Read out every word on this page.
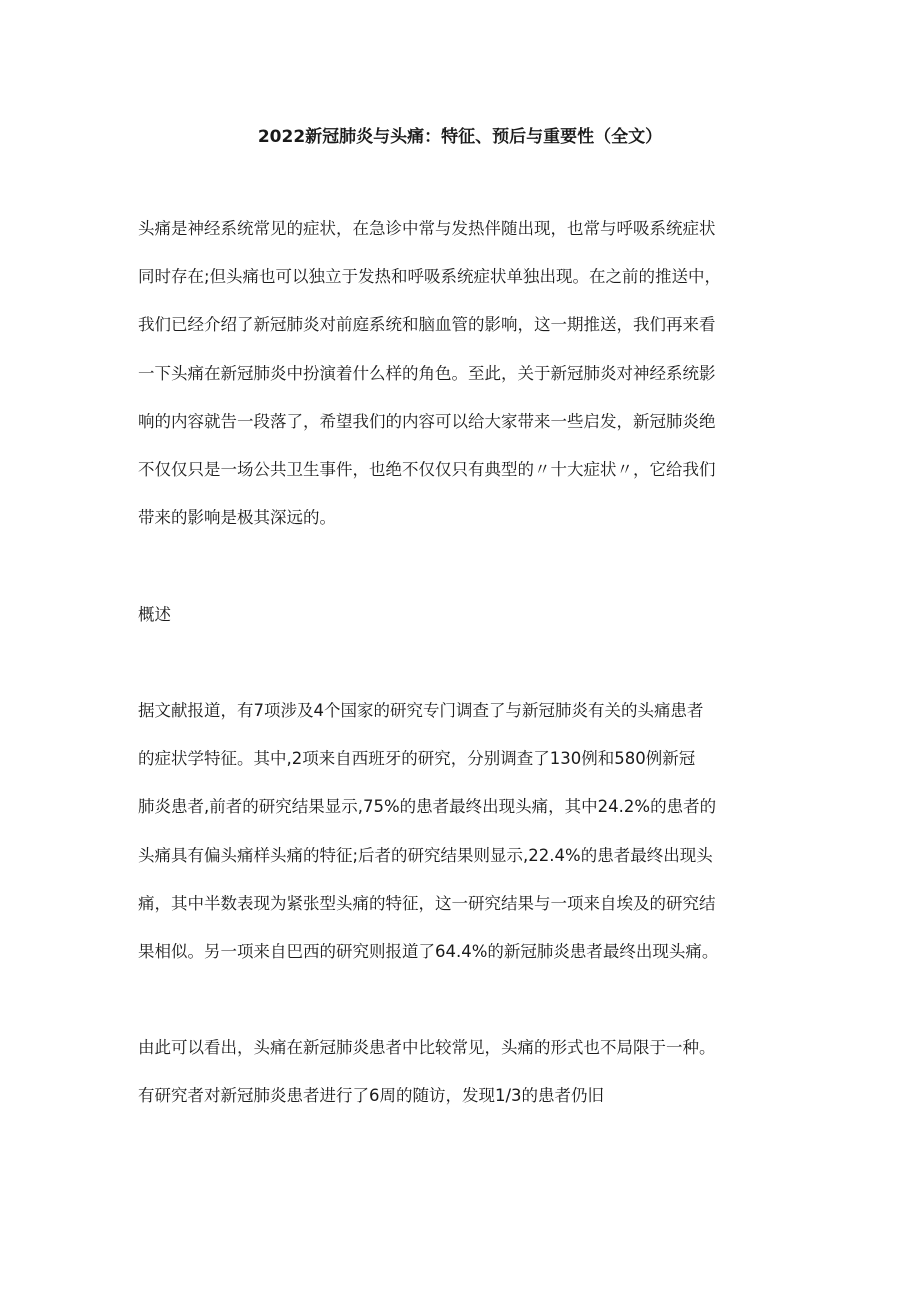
2022新冠肺炎与头痛：特征、预后与重要性（全文）
头痛是神经系统常见的症状，在急诊中常与发热伴随出现，也常与呼吸系统症状
同时存在;但头痛也可以独立于发热和呼吸系统症状单独出现。在之前的推送中，
我们已经介绍了新冠肺炎对前庭系统和脑血管的影响，这一期推送，我们再来看
一下头痛在新冠肺炎中扮演着什么样的角色。至此，关于新冠肺炎对神经系统影
响的内容就告一段落了，希望我们的内容可以给大家带来一些启发，新冠肺炎绝
不仅仅只是一场公共卫生事件，也绝不仅仅只有典型的〃十大症状〃，它给我们
带来的影响是极其深远的。
概述
据文献报道，有7项涉及4个国家的研究专门调查了与新冠肺炎有关的头痛患者
的症状学特征。其中,2项来自西班牙的研究，分别调查了130例和580例新冠
肺炎患者,前者的研究结果显示,75%的患者最终出现头痛，其中24.2%的患者的
头痛具有偏头痛样头痛的特征;后者的研究结果则显示,22.4%的患者最终出现头
痛，其中半数表现为紧张型头痛的特征，这一研究结果与一项来自埃及的研究结
果相似。另一项来自巴西的研究则报道了64.4%的新冠肺炎患者最终出现头痛。
由此可以看出，头痛在新冠肺炎患者中比较常见，头痛的形式也不局限于一种。
有研究者对新冠肺炎患者进行了6周的随访，发现1/3的患者仍旧
